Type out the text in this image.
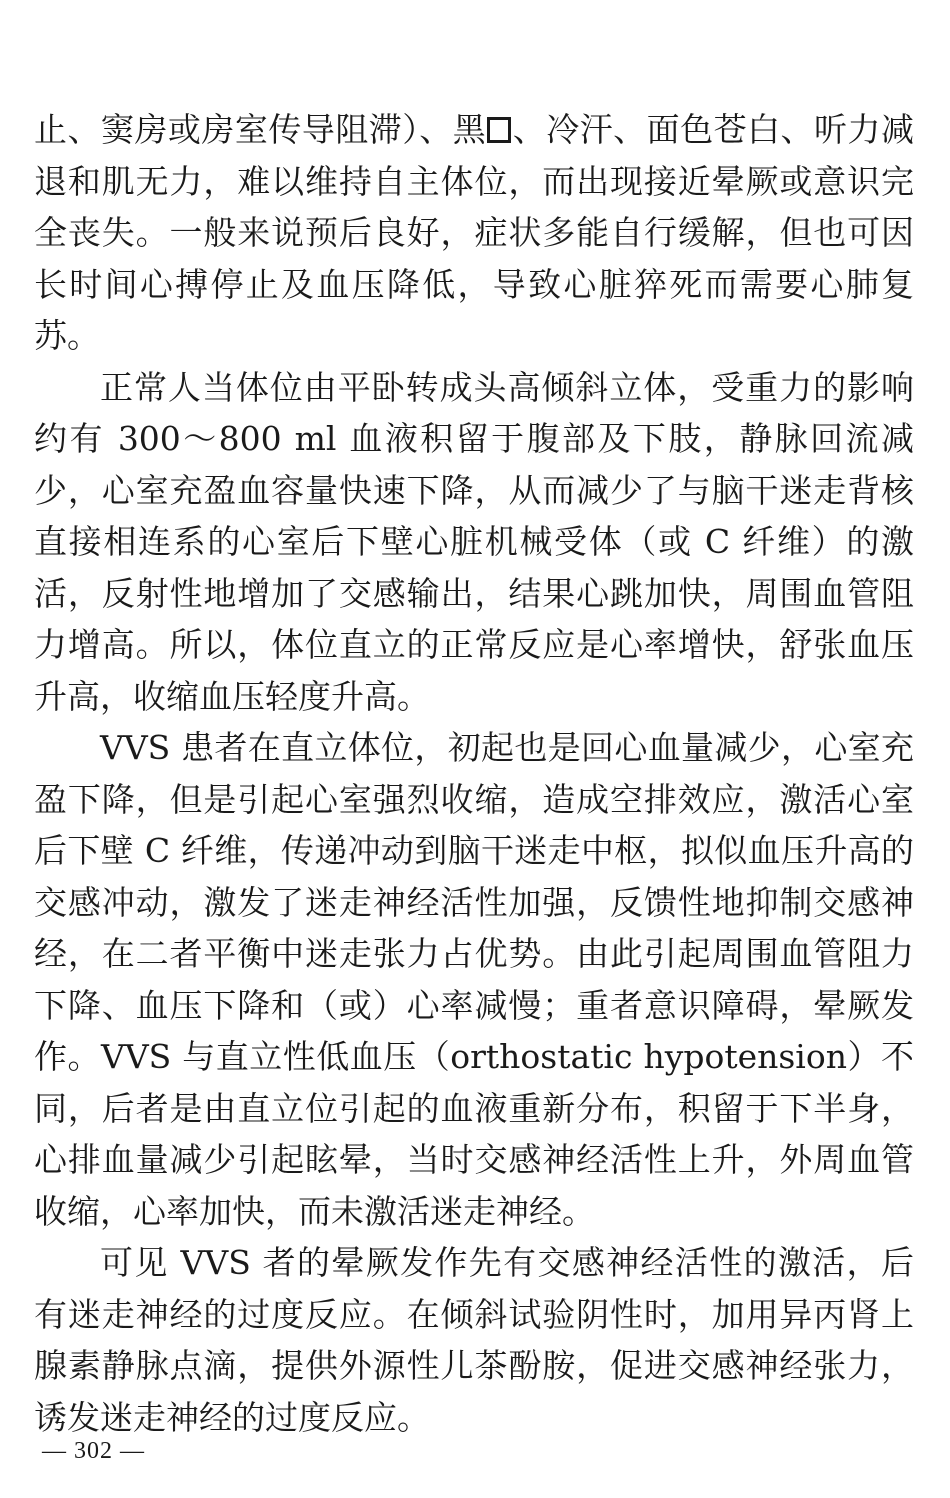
止、窦房或房室传导阻滞）、黑 、冷汗、面色苍白、听力减退和肌无力，难以维持自主体位，而出现接近晕厥或意识完全丧失。一般来说预后良好，症状多能自行缓解，但也可因长时间心搏停止及血压降低，导致心脏猝死而需要心肺复苏。

正常人当体位由平卧转成头高倾斜立体，受重力的影响约有 300～800 ml 血液积留于腹部及下肢，静脉回流减少，心室充盈血容量快速下降，从而减少了与脑干迷走背核直接相连系的心室后下壁心脏机械受体（或 C 纤维）的激活，反射性地增加了交感输出，结果心跳加快，周围血管阻力增高。所以，体位直立的正常反应是心率增快，舒张血压升高，收缩血压轻度升高。

VVS 患者在直立体位，初起也是回心血量减少，心室充盈下降，但是引起心室强烈收缩，造成空排效应，激活心室后下壁 C 纤维，传递冲动到脑干迷走中枢，拟似血压升高的交感冲动，激发了迷走神经活性加强，反馈性地抑制交感神经，在二者平衡中迷走张力占优势。由此引起周围血管阻力下降、血压下降和（或）心率减慢；重者意识障碍，晕厥发作。VVS 与直立性低血压（orthostatic hypotension）不同，后者是由直立位引起的血液重新分布，积留于下半身，心排血量减少引起眩晕，当时交感神经活性上升，外周血管收缩，心率加快，而未激活迷走神经。

可见 VVS 者的晕厥发作先有交感神经活性的激活，后有迷走神经的过度反应。在倾斜试验阴性时，加用异丙肾上腺素静脉点滴，提供外源性儿茶酚胺，促进交感神经张力，诱发迷走神经的过度反应。

— 302 —
